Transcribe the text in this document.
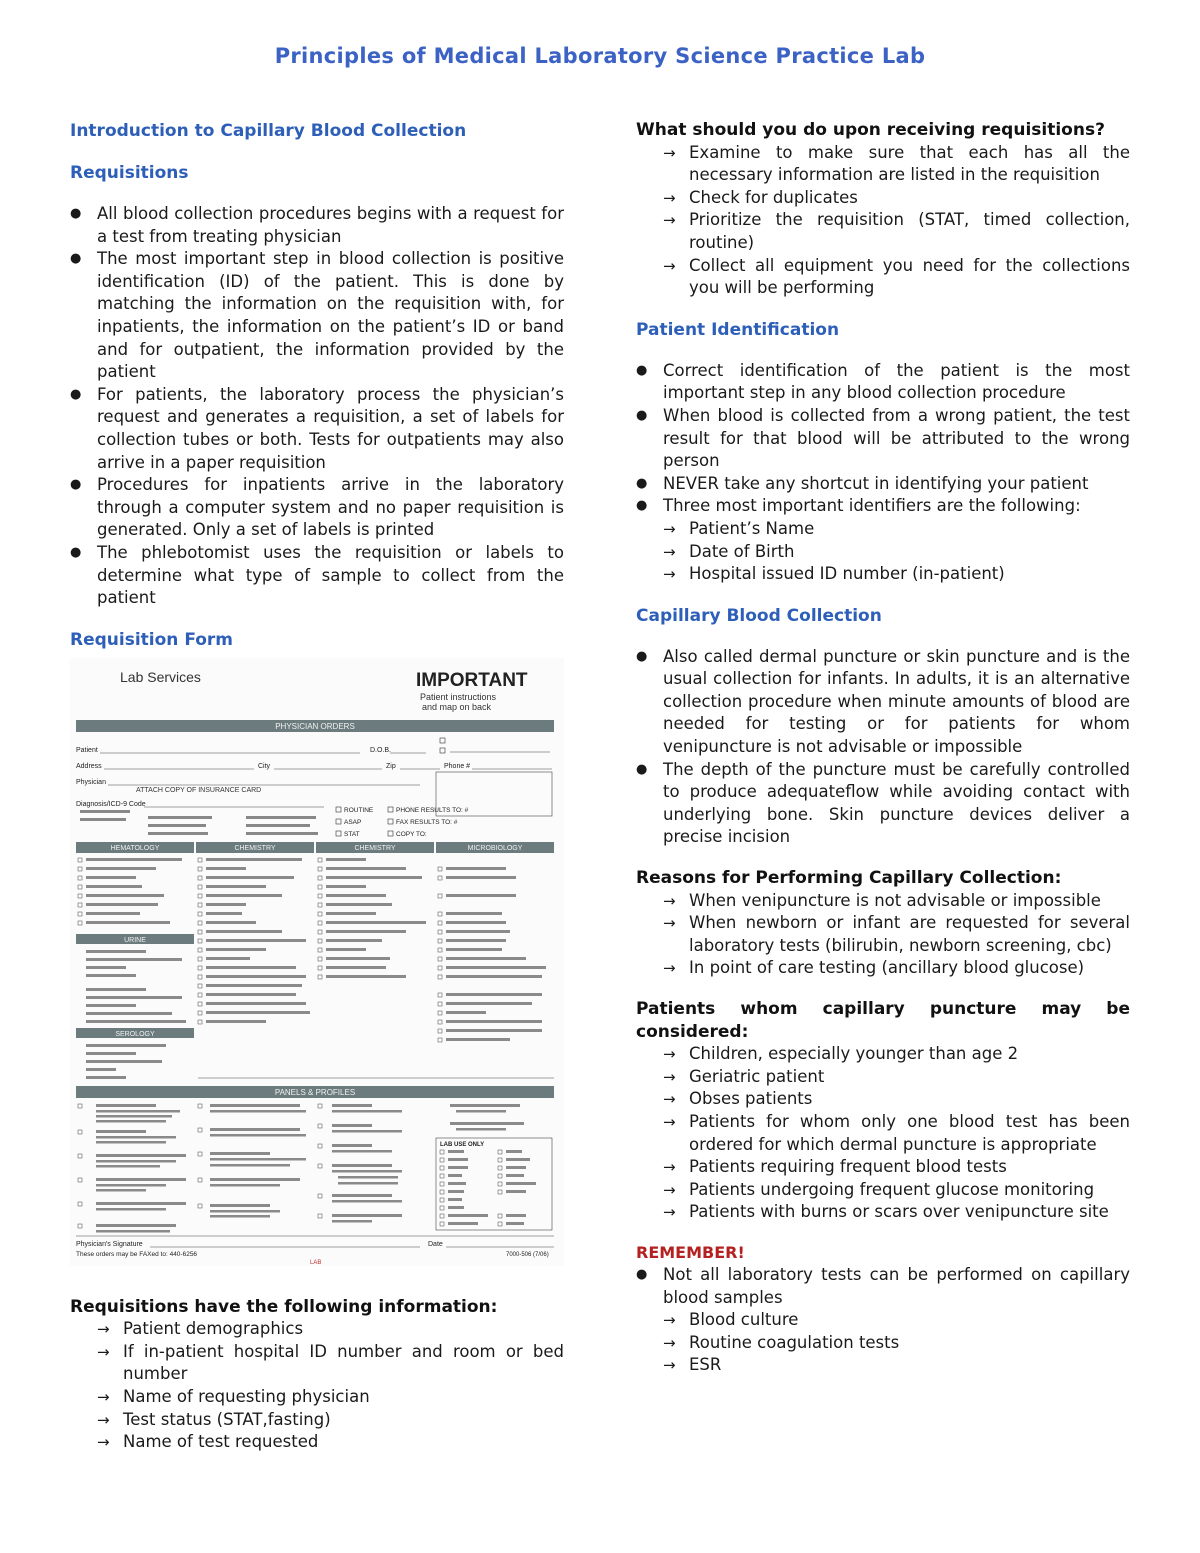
Principles of Medical Laboratory Science Practice Lab
Introduction to Capillary Blood Collection
Requisitions
● All blood collection procedures begins with a request for a test from treating physician
● The most important step in blood collection is positive identification (ID) of the patient. This is done by matching the information on the requisition with, for inpatients, the information on the patient’s ID or band and for outpatient, the information provided by the patient
● For patients, the laboratory process the physician’s request and generates a requisition, a set of labels for collection tubes or both. Tests for outpatients may also arrive in a paper requisition
● Procedures for inpatients arrive in the laboratory through a computer system and no paper requisition is generated. Only a set of labels is printed
● The phlebotomist uses the requisition or labels to determine what type of sample to collect from the patient
Requisition Form
Lab Services	IMPORTANT
Patient instructions
and map on back
PHYSICIAN ORDERS
Patient	D.O.B.
Address	City	Zip	Phone #
Physician
ATTACH COPY OF INSURANCE CARD
Diagnosis/ICD-9 Code
ROUTINE
ASAP
STAT
PHONE RESULTS TO: #
FAX RESULTS TO: #
COPY TO:
HEMATOLOGY	CHEMISTRY	CHEMISTRY	MICROBIOLOGY
URINE
SEROLOGY
PANELS & PROFILES
LAB USE ONLY
Physician's Signature	Date
These orders may be FAXed to: 440-6256
LAB
7000-506 (7/06)
Requisitions have the following information:
→ Patient demographics
→ If in-patient hospital ID number and room or bed number
→ Name of requesting physician
→ Test status (STAT,fasting)
→ Name of test requested
What should you do upon receiving requisitions?
→ Examine to make sure that each has all the necessary information are listed in the requisition
→ Check for duplicates
→ Prioritize the requisition (STAT, timed collection, routine)
→ Collect all equipment you need for the collections you will be performing
Patient Identification
● Correct identification of the patient is the most important step in any blood collection procedure
● When blood is collected from a wrong patient, the test result for that blood will be attributed to the wrong person
● NEVER take any shortcut in identifying your patient
● Three most important identifiers are the following:
→ Patient’s Name
→ Date of Birth
→ Hospital issued ID number (in-patient)
Capillary Blood Collection
● Also called dermal puncture or skin puncture and is the usual collection for infants. In adults, it is an alternative collection procedure when minute amounts of blood are needed for testing or for patients for whom venipuncture is not advisable or impossible
● The depth of the puncture must be carefully controlled to produce adequateflow while avoiding contact with underlying bone. Skin puncture devices deliver a precise incision
Reasons for Performing Capillary Collection:
→ When venipuncture is not advisable or impossible
→ When newborn or infant are requested for several laboratory tests (bilirubin, newborn screening, cbc)
→ In point of care testing (ancillary blood glucose)
Patients whom capillary puncture may be considered:
→ Children, especially younger than age 2
→ Geriatric patient
→ Obses patients
→ Patients for whom only one blood test has been ordered for which dermal puncture is appropriate
→ Patients requiring frequent blood tests
→ Patients undergoing frequent glucose monitoring
→ Patients with burns or scars over venipuncture site
REMEMBER!
● Not all laboratory tests can be performed on capillary blood samples
→ Blood culture
→ Routine coagulation tests
→ ESR
